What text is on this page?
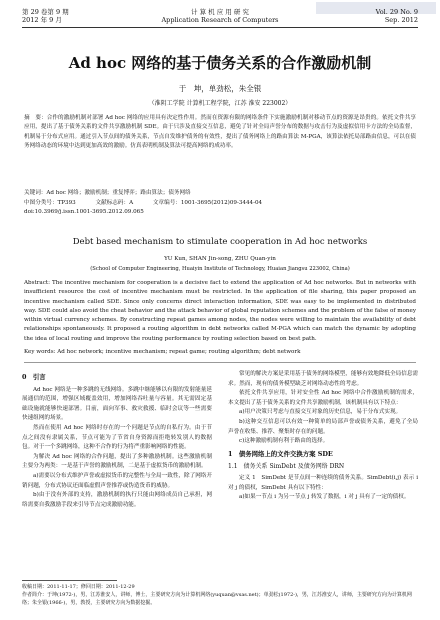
第 29 卷第 9 期
2012 年 9 月
计 算 机 应 用 研 究
Application Research of Computers
Vol. 29 No. 9
Sep. 2012
Ad hoc 网络的基于债务关系的合作激励机制
于　坤，单劲松，朱全银
（淮阴工学院 计算机工程学院，江苏 淮安 223002）
摘　要：合作的激励机制对部署 Ad hoc 网络的应用具有决定性作用。然而在资源有限的网络条件下实施激励机制对移动节点的资源是昂贵的。依托文件共享应用，提出了基于债务关系的文件共享激励机制 SDE。由于只涉及直接交互信息，避免了针对全局声誉分布的数据与攻击行为及虚拟信用卡方法的全局监督，机制易于分布式应用。通过引入节点间的债务关系，节点自发维护债务的有效性，提出了债务网络上的路由算法 M-PGA，该算法依托局部路由信息，可以在债务网络动态的环境中达到更加高效的激励。仿真表明机制及算法可提高网络的成功率。
关键词：Ad hoc 网络；激励机制；重复博弈；路由算法；债务网络
中图分类号：TP393	文献标志码：A	文章编号：1001-3695(2012)09-3444-04
doi:10.3969/j.issn.1001-3695.2012.09.065
Debt based mechanism to stimulate cooperation in Ad hoc networks
YU Kun, SHAN Jin-song, ZHU Quan-yin
(School of Computer Engineering, Huaiyin Institute of Technology, Huaian Jiangsu 223002, China)
Abstract: The incentive mechanism for cooperation is a decisive fact to extend the application of Ad hoc networks. But in networks with insufficient resource the cost of incentive mechanism must be restricted. In the application of file sharing, this paper proposed an incentive mechanism called SDE. Since only concerns direct interaction information, SDE was easy to be implemented in distributed way. SDE could also avoid the cheat behavior and the attack behavior of global reputation schemes and the problem of the false of money within virtual currency schemes. By constructing repeat games among nodes, the nodes were willing to maintain the availability of debt relationships spontaneously. It proposed a routing algorithm in debt networks called M-PGA which can match the dynamic by adopting the idea of local routing and improve the routing performance by routing selection based on best path.
Key words: Ad hoc network; incentive mechanism; repeat game; routing algorithm; debt network

0　引言

Ad hoc 网络是一种多跳的无线网络。多跳中继能够以有限的发射能量延展通信的范围，增强区域覆盖效用，增加网络吞吐量与容量。其无需固定基础设施就能够快速部署。目前，面向军事、救灾救援、临时会议等一些需要快速组网的场景。

然而在使用 Ad hoc 网络时存在的一个问题是节点的自私行为。由于节点之间没有隶属关系，节点可能为了节省自身资源而拒绝转发别人的数据包。对于一个多跳网络，这种不合作的行为将严重影响网络的性能。

为解决 Ad hoc 网络的合作问题，提出了多种激励机制。这些激励机制主要分为两类：一是基于声誉的激励机制，二是基于虚拟货币的激励机制。

a)需要以分布式维护声誉或虚拟货币的完整性与全局一致性，除了网络开销问题，分布式协议还面临虚假声誉推荐或伪造货币的威胁。

b)由于没有外部的支持，激励机制的执行只能由网络成员自己承担，网络需要自我激励手段来引导节点完成激励功能。

常见的解决方案是采用基于债务的网络模型，能够有效地降低全局信息需求。然而，现有的债务模型缺乏对网络动态性的考虑。

依托文件共享应用，针对安全性 Ad hoc 网络中合作激励机制的需求，本文提出了基于债务关系的文件共享激励机制，该机制具有以下特点：

a)用户决策只考虑与直接交互对象的历史信息，易于分布式实现。

b)这种交互信息可以有效一种简单的局部声誉或债务关系，避免了全局声誉在收集、推荐、聚集时存在的问题。

c)这种激励机制有利于路由的选择。

1　债务网络上的文件交换方案 SDE

1.1　债务关系 SimDebt 及债务网络 DRN

定义 1　SimDebt 是节点间一种连续的债务关系。SimDebt(i,j) 表示 i 对 j 的债权，SimDebt 具有以下特性：

a)如果一节点 i 为另一节点 j 转发了数据，i 对 j 具有了一定的债权。

收稿日期：2011-11-17；修回日期：2011-12-29
作者简介：于坤(1972-)，男，江苏淮安人，讲师，博士，主要研究方向为计算机网络(yuquan@vsas.net)；单劲松(1972-)，男，江苏淮安人，讲师，主要研究方向为计算机网络；朱全银(1966-)，男，教授，主要研究方向为数据挖掘。
